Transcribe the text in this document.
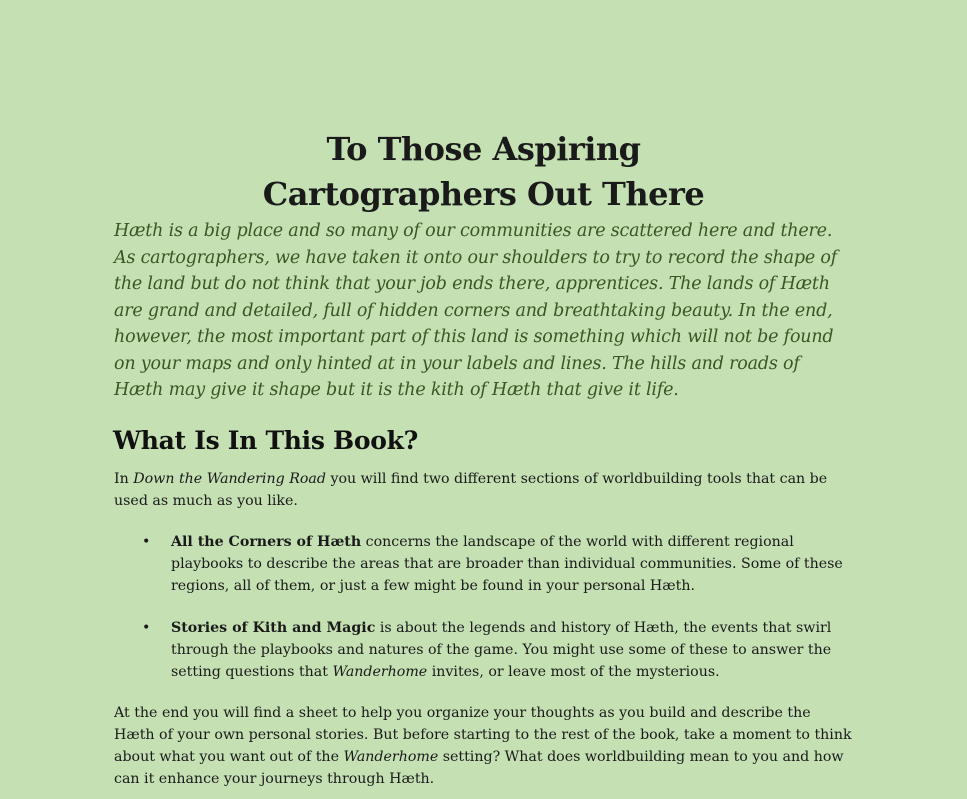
To Those Aspiring
Cartographers Out There

Hæth is a big place and so many of our communities are scattered here and there. As cartographers, we have taken it onto our shoulders to try to record the shape of the land but do not think that your job ends there, apprentices. The lands of Hæth are grand and detailed, full of hidden corners and breathtaking beauty. In the end, however, the most important part of this land is something which will not be found on your maps and only hinted at in your labels and lines. The hills and roads of Hæth may give it shape but it is the kith of Hæth that give it life.

What Is In This Book?

In Down the Wandering Road you will find two different sections of worldbuilding tools that can be used as much as you like.

• All the Corners of Hæth concerns the landscape of the world with different regional playbooks to describe the areas that are broader than individual communities. Some of these regions, all of them, or just a few might be found in your personal Hæth.
• Stories of Kith and Magic is about the legends and history of Hæth, the events that swirl through the playbooks and natures of the game. You might use some of these to answer the setting questions that Wanderhome invites, or leave most of the mysterious.

At the end you will find a sheet to help you organize your thoughts as you build and describe the Hæth of your own personal stories. But before starting to the rest of the book, take a moment to think about what you want out of the Wanderhome setting? What does worldbuilding mean to you and how can it enhance your journeys through Hæth.
